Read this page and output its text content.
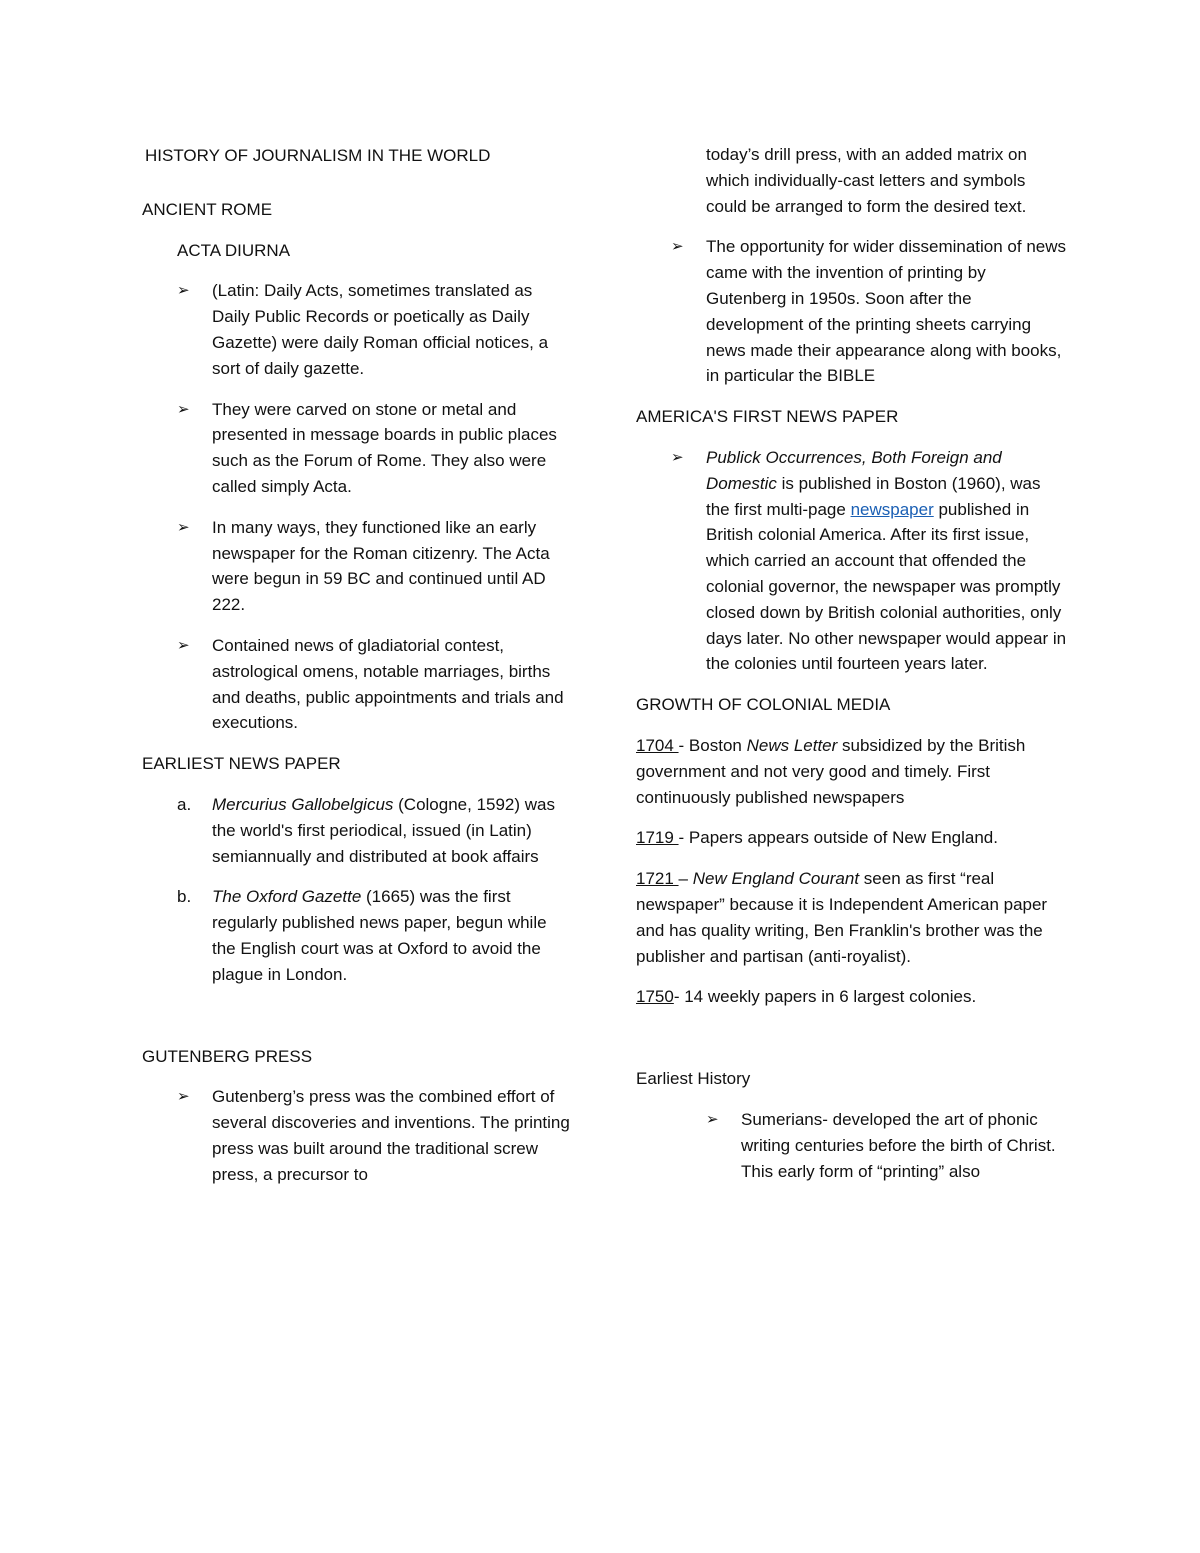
HISTORY OF JOURNALISM IN THE WORLD
ANCIENT ROME
ACTA DIURNA
➢ (Latin: Daily Acts, sometimes translated as Daily Public Records or poetically as Daily Gazette) were daily Roman official notices, a sort of daily gazette.
➢ They were carved on stone or metal and presented in message boards in public places such as the Forum of Rome. They also were called simply Acta.
➢ In many ways, they functioned like an early newspaper for the Roman citizenry. The Acta were begun in 59 BC and continued until AD 222.
➢ Contained news of gladiatorial contest, astrological omens, notable marriages, births and deaths, public appointments and trials and executions.
EARLIEST NEWS PAPER
a. Mercurius Gallobelgicus (Cologne, 1592) was the world's first periodical, issued (in Latin) semiannually and distributed at book affairs
b. The Oxford Gazette (1665) was the first regularly published news paper, begun while the English court was at Oxford to avoid the plague in London.
GUTENBERG PRESS
➢ Gutenberg’s press was the combined effort of several discoveries and inventions. The printing press was built around the traditional screw press, a precursor to
today’s drill press, with an added matrix on which individually-cast letters and symbols could be arranged to form the desired text.
➢ The opportunity for wider dissemination of news came with the invention of printing by Gutenberg in 1950s. Soon after the development of the printing sheets carrying news made their appearance along with books, in particular the BIBLE
AMERICA'S FIRST NEWS PAPER
➢ Publick Occurrences, Both Foreign and Domestic is published in Boston (1960), was the first multi-page newspaper published in British colonial America. After its first issue, which carried an account that offended the colonial governor, the newspaper was promptly closed down by British colonial authorities, only days later. No other newspaper would appear in the colonies until fourteen years later.
GROWTH OF COLONIAL MEDIA
1704 - Boston News Letter subsidized by the British government and not very good and timely. First continuously published newspapers
1719 - Papers appears outside of New England.
1721 – New England Courant seen as first “real newspaper” because it is Independent American paper and has quality writing, Ben Franklin's brother was the publisher and partisan (anti-royalist).
1750- 14 weekly papers in 6 largest colonies.
Earliest History
➢ Sumerians- developed the art of phonic writing centuries before the birth of Christ. This early form of “printing” also
